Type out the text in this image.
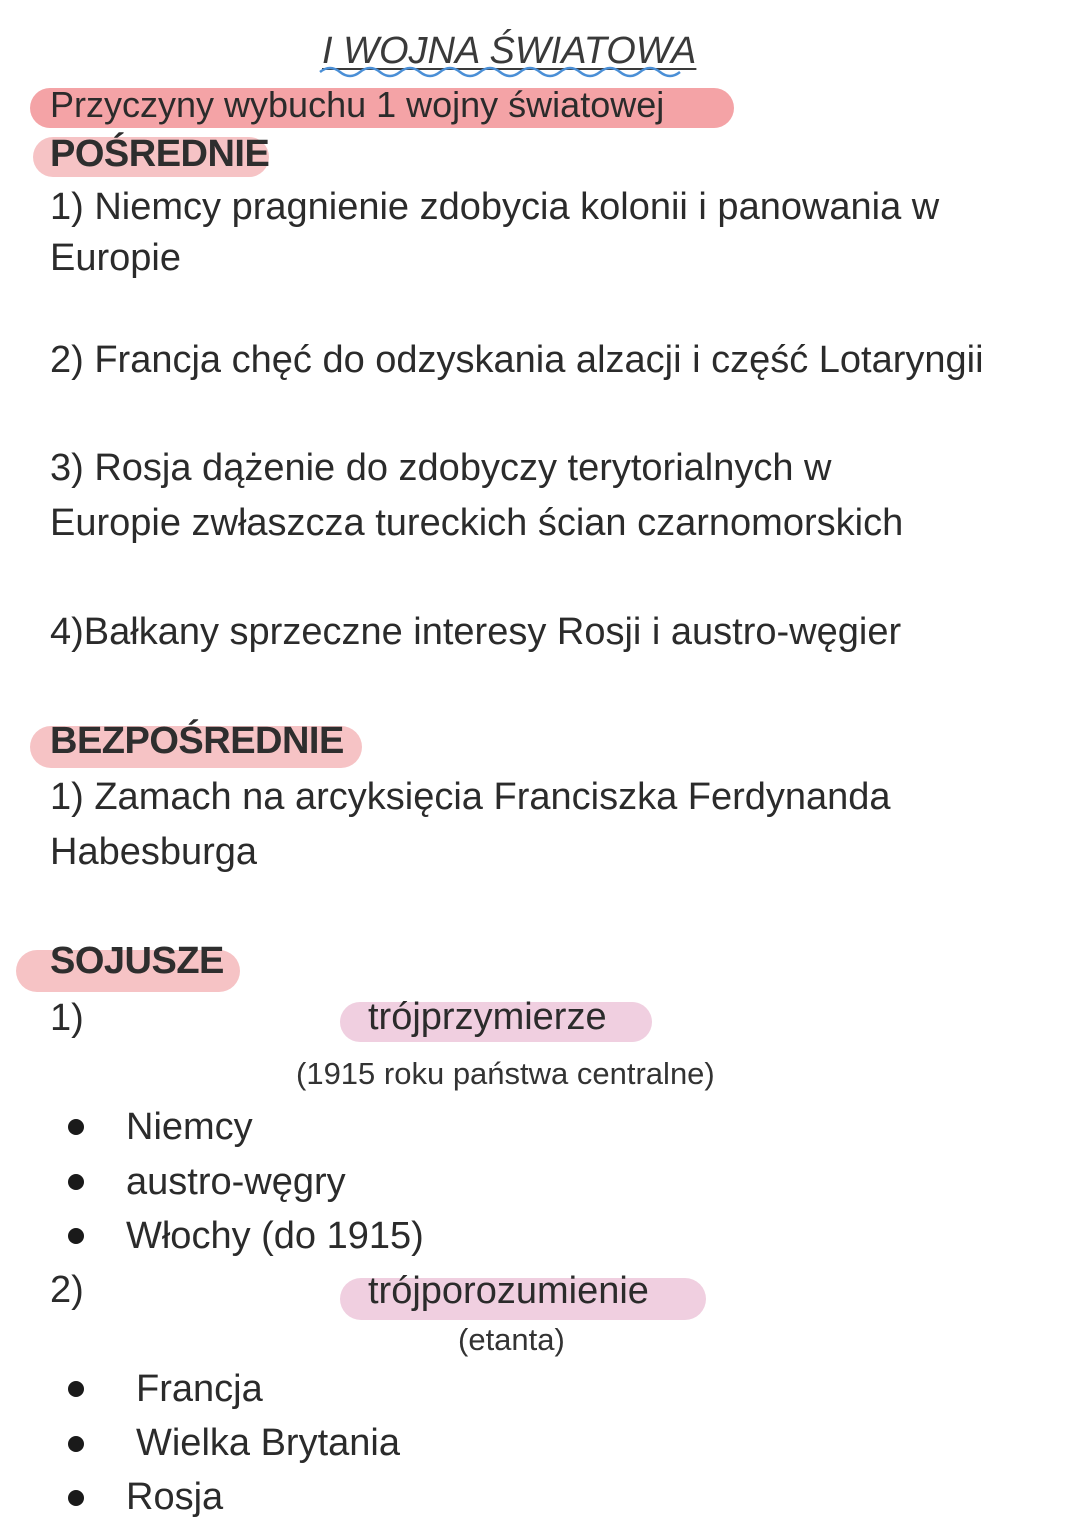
I WOJNA ŚWIATOWA
Przyczyny wybuchu 1 wojny światowej
POŚREDNIE
1) Niemcy pragnienie zdobycia kolonii i panowania w
Europie
2) Francja chęć do odzyskania alzacji i część Lotaryngii
3) Rosja dążenie do zdobyczy terytorialnych w
Europie zwłaszcza tureckich ścian czarnomorskich
4)Bałkany sprzeczne interesy Rosji i austro-węgier
BEZPOŚREDNIE
1) Zamach na arcyksięcia Franciszka Ferdynanda
Habesburga
SOJUSZE
1)	trójprzymierze
(1915 roku państwa centralne)
Niemcy
austro-węgry
Włochy (do 1915)
2)	trójporozumienie
(etanta)
Francja
Wielka Brytania
Rosja
